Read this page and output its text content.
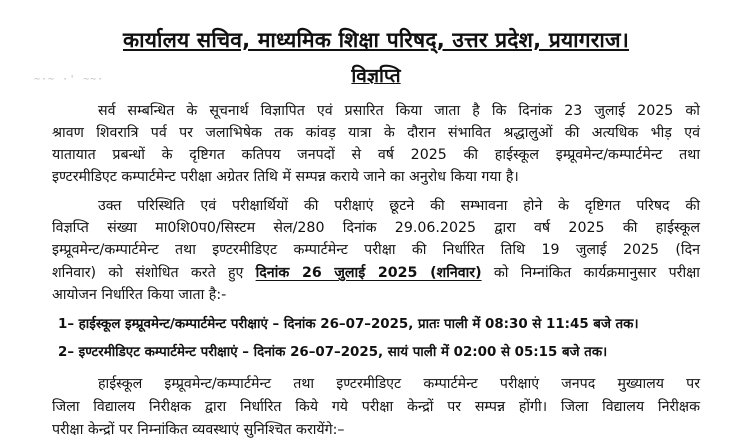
कार्यालय सचिव, माध्यमिक शिक्षा परिषद्, उत्तर प्रदेश, प्रयागराज।
विज्ञप्ति
~·~ ·' ~~·
सर्व सम्बन्धित के सूचनार्थ विज्ञापित एवं प्रसारित किया जाता है कि दिनांक 23 जुलाई 2025 को
श्रावण शिवरात्रि पर्व पर जलाभिषेक तक कांवड़ यात्रा के दौरान संभावित श्रद्धालुओं की अत्यधिक भीड़ एवं
यातायात प्रबन्धों के दृष्टिगत कतिपय जनपदों से वर्ष 2025 की हाईस्कूल इम्प्रूवमेन्ट/कम्पार्टमेन्ट तथा
इण्टरमीडिएट कम्पार्टमेन्ट परीक्षा अग्रेतर तिथि में सम्पन्न कराये जाने का अनुरोध किया गया है।
उक्त परिस्थिति एवं परीक्षार्थियों की परीक्षाएं छूटने की सम्भावना होने के दृष्टिगत परिषद की
विज्ञप्ति संख्या मा0शि0प0/सिस्टम सेल/280 दिनांक 29.06.2025 द्वारा वर्ष 2025 की हाईस्कूल
इम्प्रूवमेन्ट/कम्पार्टमेन्ट तथा इण्टरमीडिएट कम्पार्टमेन्ट परीक्षा की निर्धारित तिथि 19 जुलाई 2025 (दिन
शनिवार) को संशोधित करते हुए दिनांक 26 जुलाई 2025 (शनिवार) को निम्नांकित कार्यक्रमानुसार परीक्षा
आयोजन निर्धारित किया जाता है:-
1– हाईस्कूल इम्प्रूवमेन्ट/कम्पार्टमेन्ट परीक्षाएं – दिनांक 26–07–2025, प्रातः पाली में 08:30 से 11:45 बजे तक।
2– इण्टरमीडिएट कम्पार्टमेन्ट परीक्षाएं – दिनांक 26–07–2025, सायं पाली में 02:00 से 05:15 बजे तक।
हाईस्कूल इम्प्रूवमेन्ट/कम्पार्टमेन्ट तथा इण्टरमीडिएट कम्पार्टमेन्ट परीक्षाएं जनपद मुख्यालय पर
जिला विद्यालय निरीक्षक द्वारा निर्धारित किये गये परीक्षा केन्द्रों पर सम्पन्न होंगी। जिला विद्यालय निरीक्षक
परीक्षा केन्द्रों पर निम्नांकित व्यवस्थाएं सुनिश्चित करायेंगे:–
